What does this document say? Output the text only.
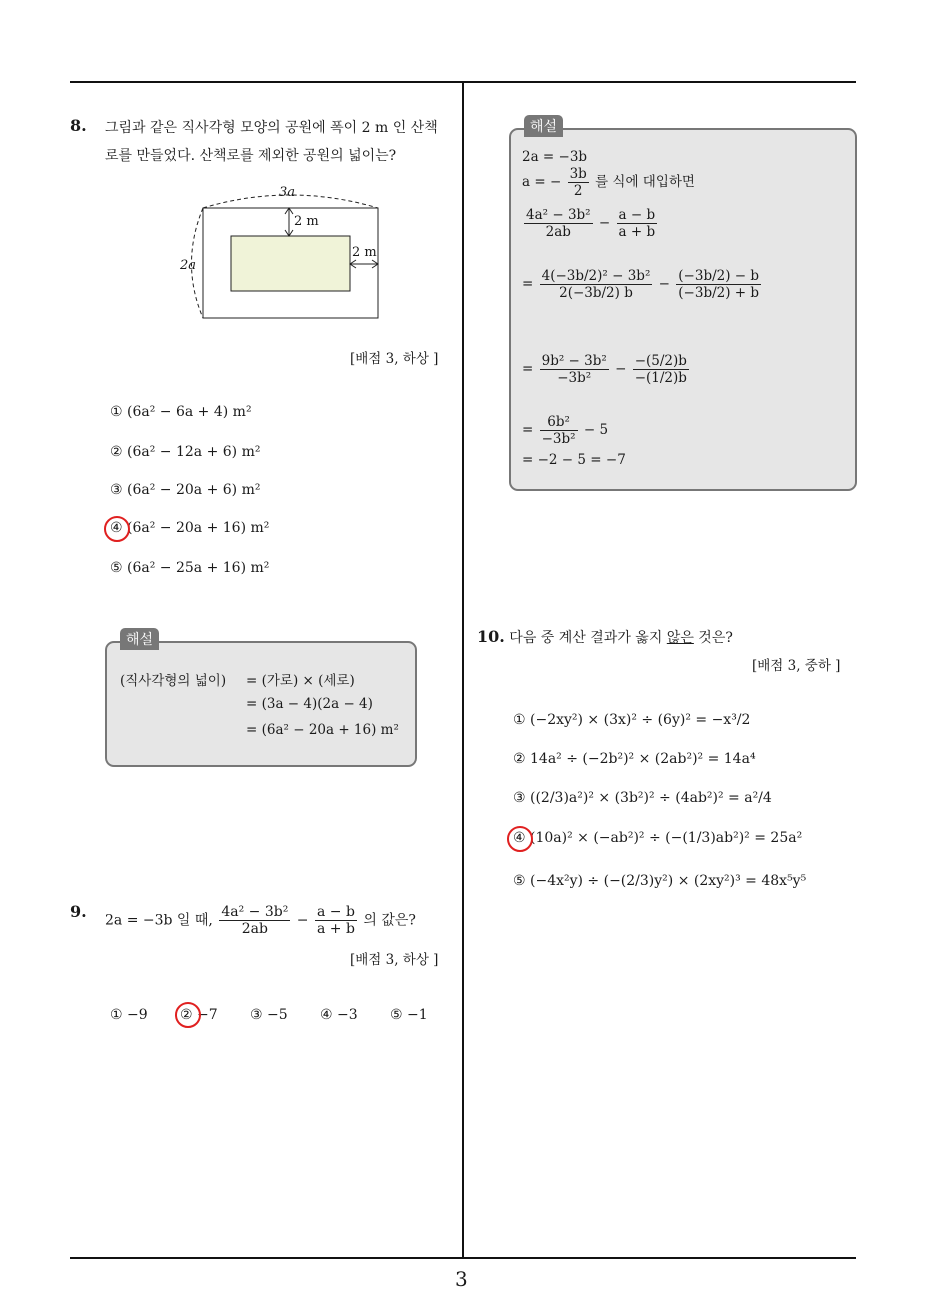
3
8. 그림과 같은 직사각형 모양의 공원에 폭이 2 m 인 산책
로를 만들었다. 산책로를 제외한 공원의 넓이는?
3a
2a
2 m
2 m
[배점 3, 하상 ]
① (6a² − 6a + 4) m²
② (6a² − 12a + 6) m²
③ (6a² − 20a + 6) m²
④ (6a² − 20a + 16) m²
⑤ (6a² − 25a + 16) m²
해설
(직사각형의 넓이) = (가로) × (세로)
= (3a − 4)(2a − 4)
= (6a² − 20a + 16) m²
9. 2a = −3b 일 때, $\frac{\text{4a² − 3b²}}{2ab} - \frac{a - b}{a + b}$ 의 값은?
[배점 3, 하상 ]
① −9 ② −7 ③ −5 ④ −3 ⑤ −1
해설
2a = −3b
a = − $\frac{3b}{2}$ 를 식에 대입하면
$\frac{\text{4a² − 3b²}}{2ab} - \frac{a - b}{a + b}$
= $\frac{\text{4(−3b/2)² − 3b²}}{2(-3b/2) b} - \frac{(-3b/2) - b}{(-3b/2) + b}$
= $\frac{\text{9b² − 3b²}}{\text{−3b²}} - \frac{-(5/2)b}{-(1/2)b}$
= $\frac{\text{6b²}}{\text{−3b²}} - 5$
= −2 − 5 = −7
10. 다음 중 계산 결과가 옳지 않은 것은?
[배점 3, 중하 ]
① (−2xy²) × (3x)² ÷ (6y)² = −x³/2
② 14a² ÷ (−2b²)² × (2ab²)² = 14a⁴
③ ((2/3)a²)² × (3b²)² ÷ (4ab²)² = a²/4
④ (10a)² × (−ab²)² ÷ (−(1/3)ab²)² = 25a²
⑤ (−4x²y) ÷ (−(2/3)y²) × (2xy²)³ = 48x⁵y⁵
